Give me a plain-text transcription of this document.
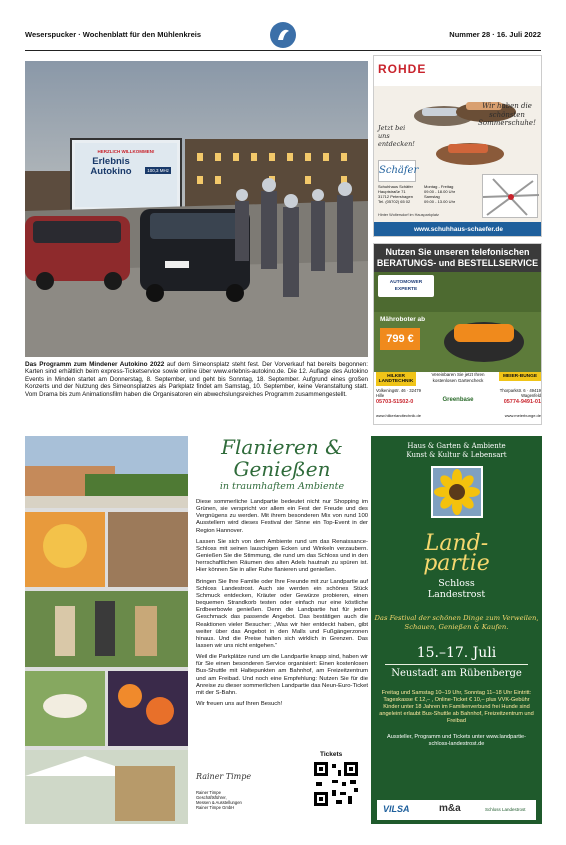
Weserspucker · Wochenblatt für den Mühlenkreis	Nummer 28 · 16. Juli 2022
HERZLICH WILLKOMMEN!
Erlebnis Autokino	100,3 MHz
Das Programm zum Mindener Autokino 2022 auf dem Simeonsplatz steht fest. Der Vorverkauf hat bereits begonnen: Karten sind erhältlich beim express-Ticketservice sowie online über www.erlebnis-autokino.de. Die 12. Auflage des Autokino Events in Minden startet am Donnerstag, 8. September, und geht bis Sonntag, 18. September. Aufgrund eines großen Konzerts und der Nutzung des Simeonsplatzes als Parkplatz findet am Samstag, 10. September, keine Veranstaltung statt. Vom Drama bis zum Animationsfilm haben die Organisatoren ein abwechslungsreiches Programm zusammengestellt.
ROHDE
Wir haben die schönsten Sommerschuhe!
Jetzt bei uns entdecken!
Schäfer
Schuhhaus Schäfer
Hauptstraße 71
31712 Petershagen
Tel. (05702) 65 02
Montag - Freitag
09.00 - 18.00 Uhr
Samstag
09.00 - 13.00 Uhr
Hinter Woltersdorf im Hausparkplatz
www.schuhhaus-schaefer.de
Nutzen Sie unseren telefonischen BERATUNGS- und BESTELLSERVICE
AUTOMOWER EXPERTE
Mähroboter ab
799 €
HILKER LANDTECHNIK
MEIER-BUNGE
Vereinbaren Sie jetzt Ihren kostenlosen Gartencheck
Volkeningstr. 46 · 32479 Hille
05703-51502-0	Greenbase
Thorparkstr. 6 · 49419 Wagenfeld
05774-9491-01
www.hilkerlandtechnik.de	www.meierbunge.de
Flanieren & Genießen
in traumhaftem Ambiente

Diese sommerliche Landpartie bedeutet nicht nur Shopping im Grünen, sie verspricht vor allem ein Fest der Freude und des Vergnügens zu werden. Mit ihrem besonderen Mix von rund 100 Ausstellern wird dieses Festival der Sinne ein Top-Event in der Region Hannover.

Lassen Sie sich von dem Ambiente rund um das Renaissance-Schloss mit seinen lauschigen Ecken und Winkeln verzaubern. Genießen Sie die Stimmung, die rund um das Schloss und in den herrschaftlichen Räumen des alten Adels hautnah zu spüren ist. Hier können Sie in aller Ruhe flanieren und genießen.

Bringen Sie Ihre Familie oder Ihre Freunde mit zur Landpartie auf Schloss Landestrost. Auch sie werden ein schönes Stück Schmuck entdecken, Kräuter oder Gewürze probieren, einen bequemen Strandkorb testen oder einfach nur eine köstliche Erdbeerbowle genießen. Denn die Landpartie hat für jeden Geschmack das passende Angebot. Das bestätigen auch die Reaktionen vieler Besucher: „Was wir hier entdeckt haben, gibt weiter über das Angebot in den Malls und Fußgängerzonen hinaus. Und die Preise halten sich wirklich in Grenzen. Das lassen wir uns nicht entgehen.“

Weil die Parkplätze rund um die Landpartie knapp sind, haben wir für Sie einen besonderen Service organisiert: Einen kostenlosen Bus-Shuttle mit Haltepunkten am Bahnhof, am Freizeitzentrum und am Freibad. Und noch eine Empfehlung: Nutzen Sie für die Anreise zu dieser sommerlichen Landpartie das Neun-Euro-Ticket mit der S-Bahn.

Wir freuen uns auf Ihren Besuch!

Rainer Timpe
Rainer Timpe
Geschäftsführer,
Messen & Ausstellungen
Rainer Timpe GmbH
Tickets
Haus & Garten & Ambiente
Kunst & Kultur & Lebensart
Land-
partie
Schloss
Landestrost
Das Festival der schönen Dinge zum Verweilen, Schauen, Genießen & Kaufen.
15.–17. Juli
Neustadt am Rübenberge
Freitag und Samstag 10–19 Uhr, Sonntag 11–18 Uhr Eintritt: Tageskasse € 12,– , Online-Ticket € 10,– plus VVK-Gebühr Kinder unter 18 Jahren im Familienverbund frei Hunde sind angeleint erlaubt Bus-Shuttle ab Bahnhof, Freizeitzentrum und Freibad
Aussteller, Programm und Tickets unter www.landpartie-schloss-landestrost.de
VILSA	m&a	Schloss Landestrost
